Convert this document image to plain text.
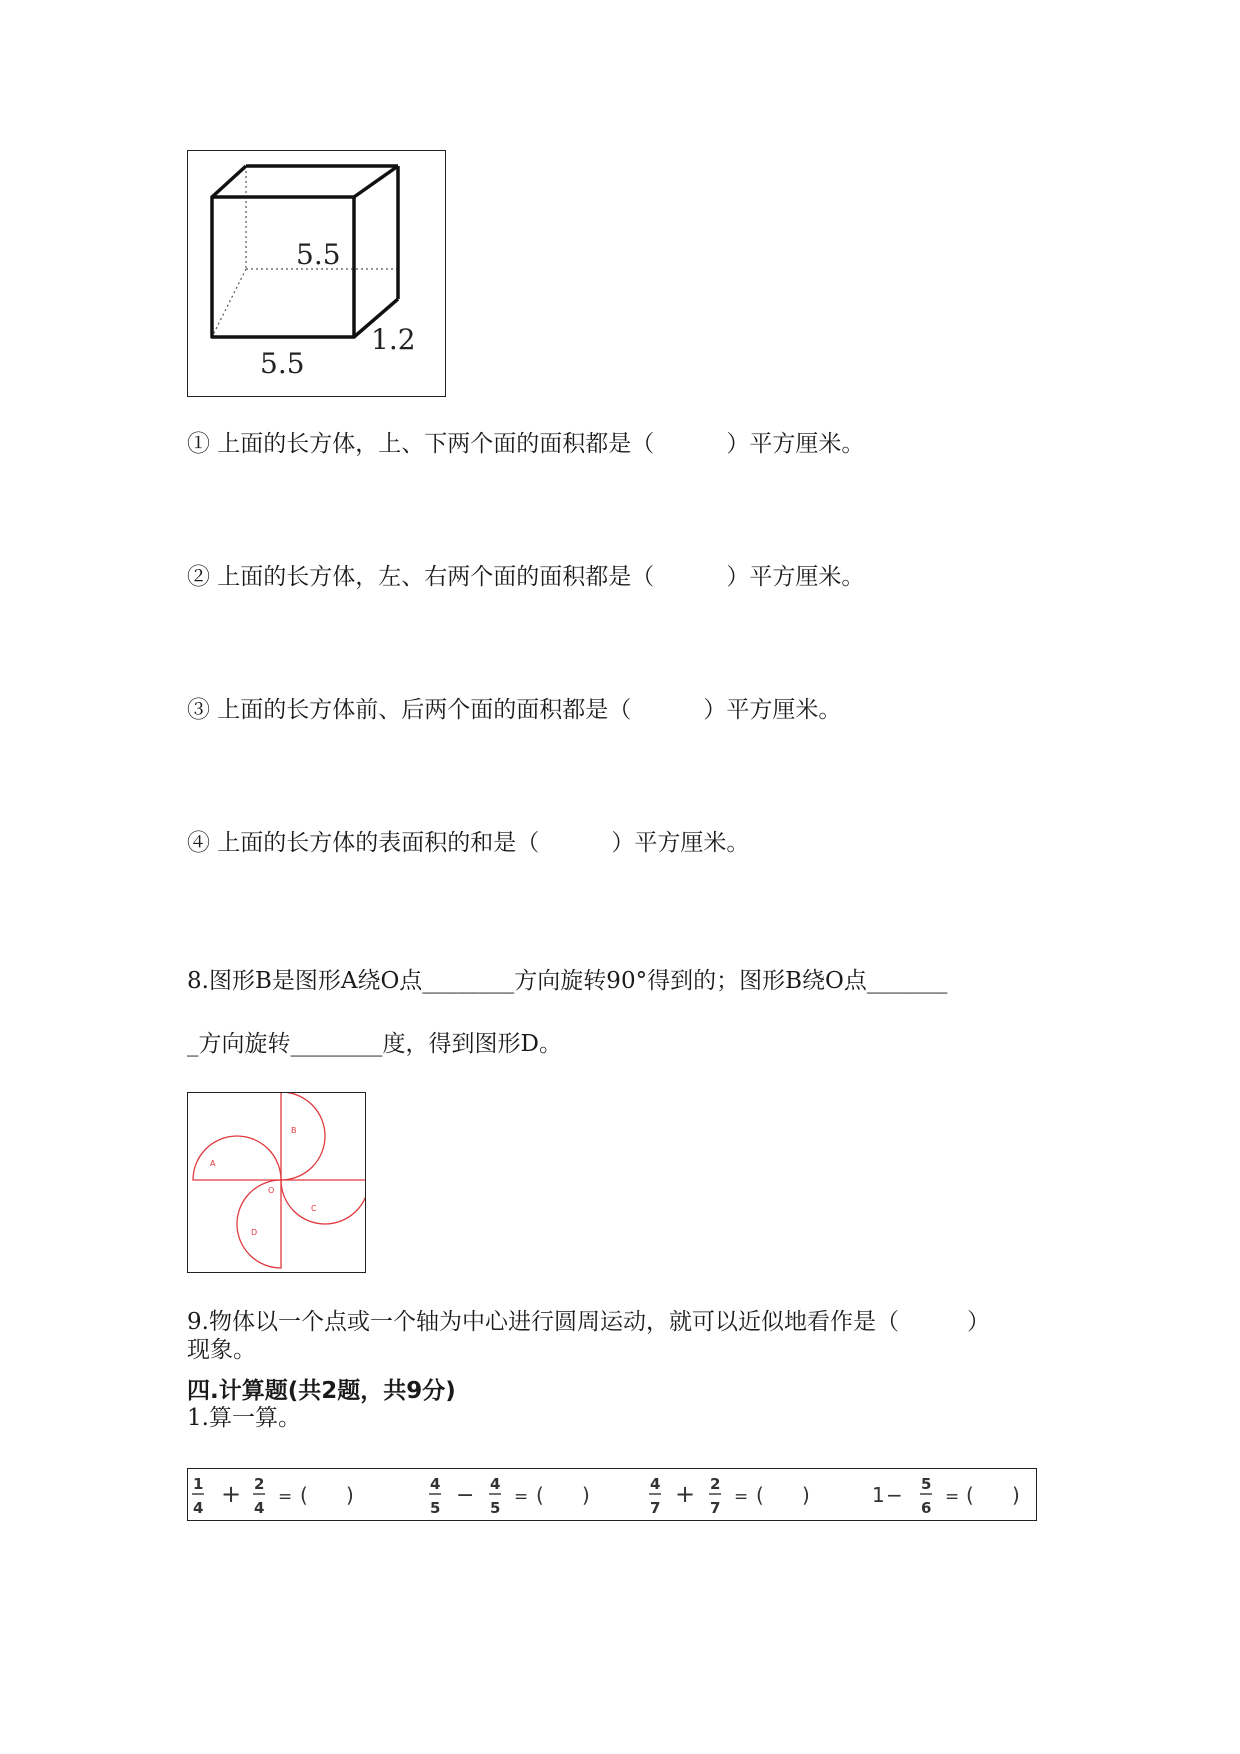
5.5
5.5
1.2
① 上面的长方体，上、下两个面的面积都是（	）平方厘米。
② 上面的长方体，左、右两个面的面积都是（	）平方厘米。
③ 上面的长方体前、后两个面的面积都是（	）平方厘米。
④ 上面的长方体的表面积的和是（	）平方厘米。
8.图形B是图形A绕O点________方向旋转90°得到的；图形B绕O点_______
_方向旋转________度，得到图形D。
A
B
C
D
O
9.物体以一个点或一个轴为中心进行圆周运动，就可以近似地看作是（	）
现象。
四.计算题(共2题，共9分)
1.算一算。
1
4 + 2
4
= (      )	4
5 − 4
5
= (      )	4
7 + 2
7
= (      )	1 − 5
6
= (      )
